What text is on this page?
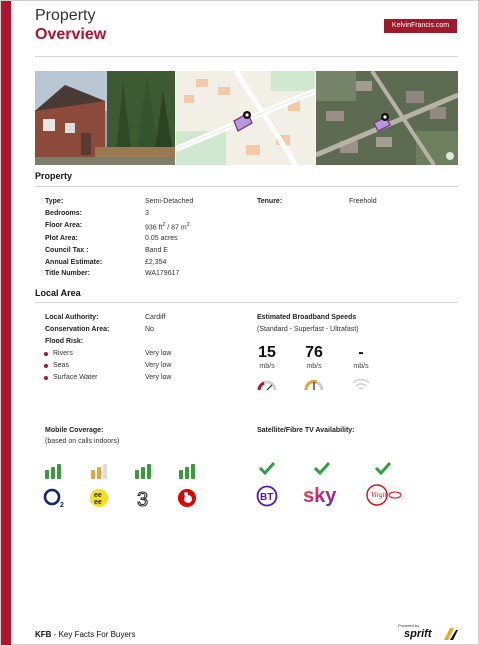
Property
Overview
KelvinFrancis.com
Property
Type:	Semi-Detached
Bedrooms:	3
Floor Area:	936 $ft^2 / 87$ $m^2$
Plot Area:	0.05 acres
Council Tax :	Band E
Annual Estimate:	£2,354
Title Number:	WA179617
Tenure:	Freehold
Local Area
Local Authority:	Cardiff
Conservation Area:	No
Flood Risk:
Rivers	Very low
Seas	Very low
Surface Water	Very low
Estimated Broadband Speeds
(Standard - Superfast - Ultrafast)
15
mb/s
76
mb/s
-
mb/s
Mobile Coverage:
(based on calls indoors)
2
ee
ee 3
Satellite/Fibre TV Availability:
BT sky	Virgin
KFB - Key Facts For Buyers
Powered by
sprift
